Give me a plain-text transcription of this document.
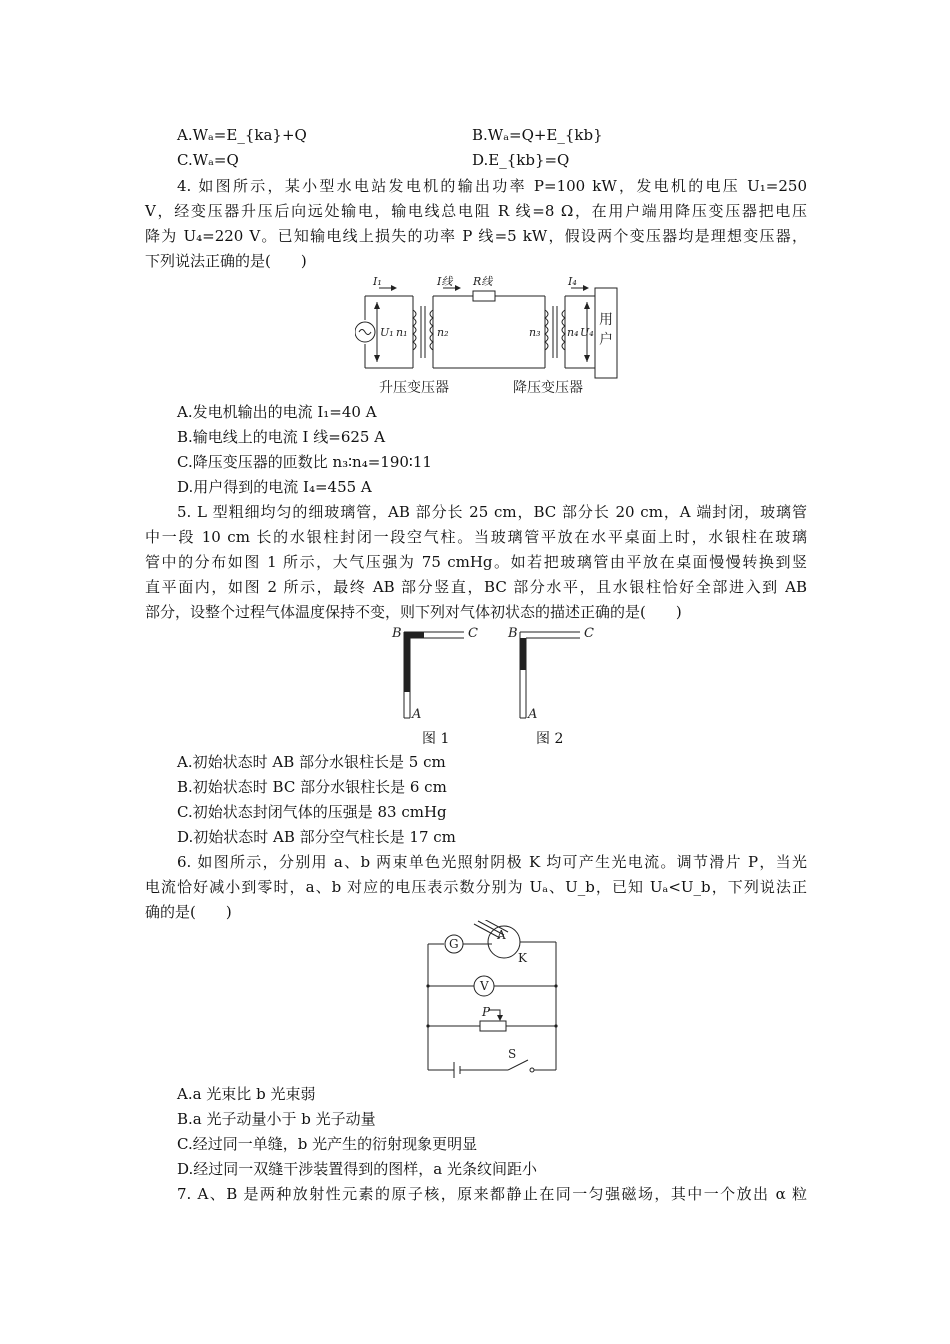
A.Wₐ=E_{ka}+Q	B.Wₐ=Q+E_{kb}
C.Wₐ=Q	D.E_{kb}=Q
4. 如图所示，某小型水电站发电机的输出功率 P=100 kW，发电机的电压 U₁=250
V，经变压器升压后向远处输电，输电线总电阻 R 线=8 Ω，在用户端用降压变压器把电压
降为 U₄=220 V。已知输电线上损失的功率 P 线=5 kW，假设两个变压器均是理想变压器，
下列说法正确的是(　　)
I₁	I线 R线	I₄
U₁ n₁	n₂	n₃ n₄ U₄
用
户
升压变压器	降压变压器
A.发电机输出的电流 I₁=40 A
B.输电线上的电流 I 线=625 A
C.降压变压器的匝数比 n₃∶n₄=190∶11
D.用户得到的电流 I₄=455 A
5. L 型粗细均匀的细玻璃管，AB 部分长 25 cm，BC 部分长 20 cm，A 端封闭，玻璃管
中一段 10 cm 长的水银柱封闭一段空气柱。当玻璃管平放在水平桌面上时，水银柱在玻璃
管中的分布如图 1 所示，大气压强为 75 cmHg。如若把玻璃管由平放在桌面慢慢转换到竖
直平面内，如图 2 所示，最终 AB 部分竖直，BC 部分水平，且水银柱恰好全部进入到 AB
部分，设整个过程气体温度保持不变，则下列对气体初状态的描述正确的是(　　)
B	C
A
B	C
A
图 1	图 2
A.初始状态时 AB 部分水银柱长是 5 cm
B.初始状态时 BC 部分水银柱长是 6 cm
C.初始状态封闭气体的压强是 83 cmHg
D.初始状态时 AB 部分空气柱长是 17 cm
6. 如图所示，分别用 a、b 两束单色光照射阴极 K 均可产生光电流。调节滑片 P，当光
电流恰好减小到零时，a、b 对应的电压表示数分别为 Uₐ、U_b，已知 Uₐ<U_b，下列说法正
确的是(　　)
G
A
K
V
P
S
A.a 光束比 b 光束弱
B.a 光子动量小于 b 光子动量
C.经过同一单缝，b 光产生的衍射现象更明显
D.经过同一双缝干涉装置得到的图样，a 光条纹间距小
7. A、B 是两种放射性元素的原子核，原来都静止在同一匀强磁场，其中一个放出 α 粒
